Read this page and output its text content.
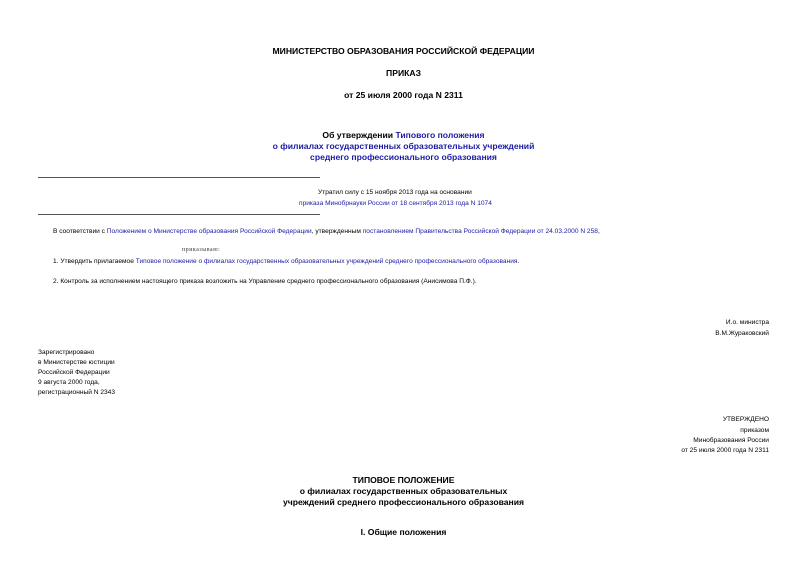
МИНИСТЕРСТВО ОБРАЗОВАНИЯ РОССИЙСКОЙ ФЕДЕРАЦИИ
ПРИКАЗ
от 25 июля 2000 года N 2311
Об утверждении Типового положения
о филиалах государственных образовательных учреждений
среднего профессионального образования
Утратил силу с 15 ноября 2013 года на основании
приказа Минобрнауки России от 18 сентября 2013 года N 1074
В соответствии с Положением о Министерстве образования Российской Федерации, утвержденным постановлением Правительства Российской Федерации от 24.03.2000 N 258,
приказываю:
1. Утвердить прилагаемое Типовое положение о филиалах государственных образовательных учреждений среднего профессионального образования.
2. Контроль за исполнением настоящего приказа возложить на Управление среднего профессионального образования (Анисимова П.Ф.).
И.о. министра
В.М.Жураковский
Зарегистрировано
в Министерстве юстиции
Российской Федерации
9 августа 2000 года,
регистрационный N 2343
УТВЕРЖДЕНО
приказом
Минобразования России
от 25 июля 2000 года N 2311
ТИПОВОЕ ПОЛОЖЕНИЕ
о филиалах государственных образовательных
учреждений среднего профессионального образования
I. Общие положения
